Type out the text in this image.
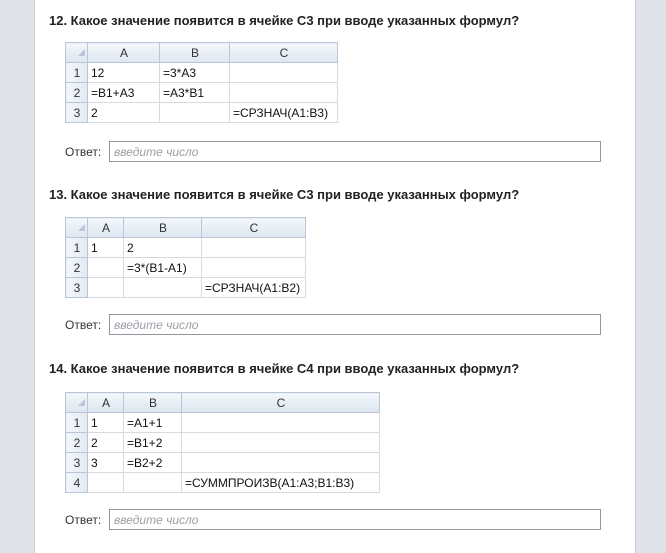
12. Какое значение появится в ячейке C3 при вводе указанных формул?
	A	B	C
1	12	=3*A3	
2	=B1+A3	=A3*B1	
3	2		=СРЗНАЧ(A1:B3)
Ответ:
введите число
13. Какое значение появится в ячейке C3 при вводе указанных формул?
	A	B	C
1	1	2	
2		=3*(B1-A1)	
3			=СРЗНАЧ(A1:B2)
Ответ:
введите число
14. Какое значение появится в ячейке C4 при вводе указанных формул?
	A	B	C
1	1	=A1+1	
2	2	=B1+2	
3	3	=B2+2	
4			=СУММПРОИЗВ(A1:A3;B1:B3)
Ответ:
введите число
